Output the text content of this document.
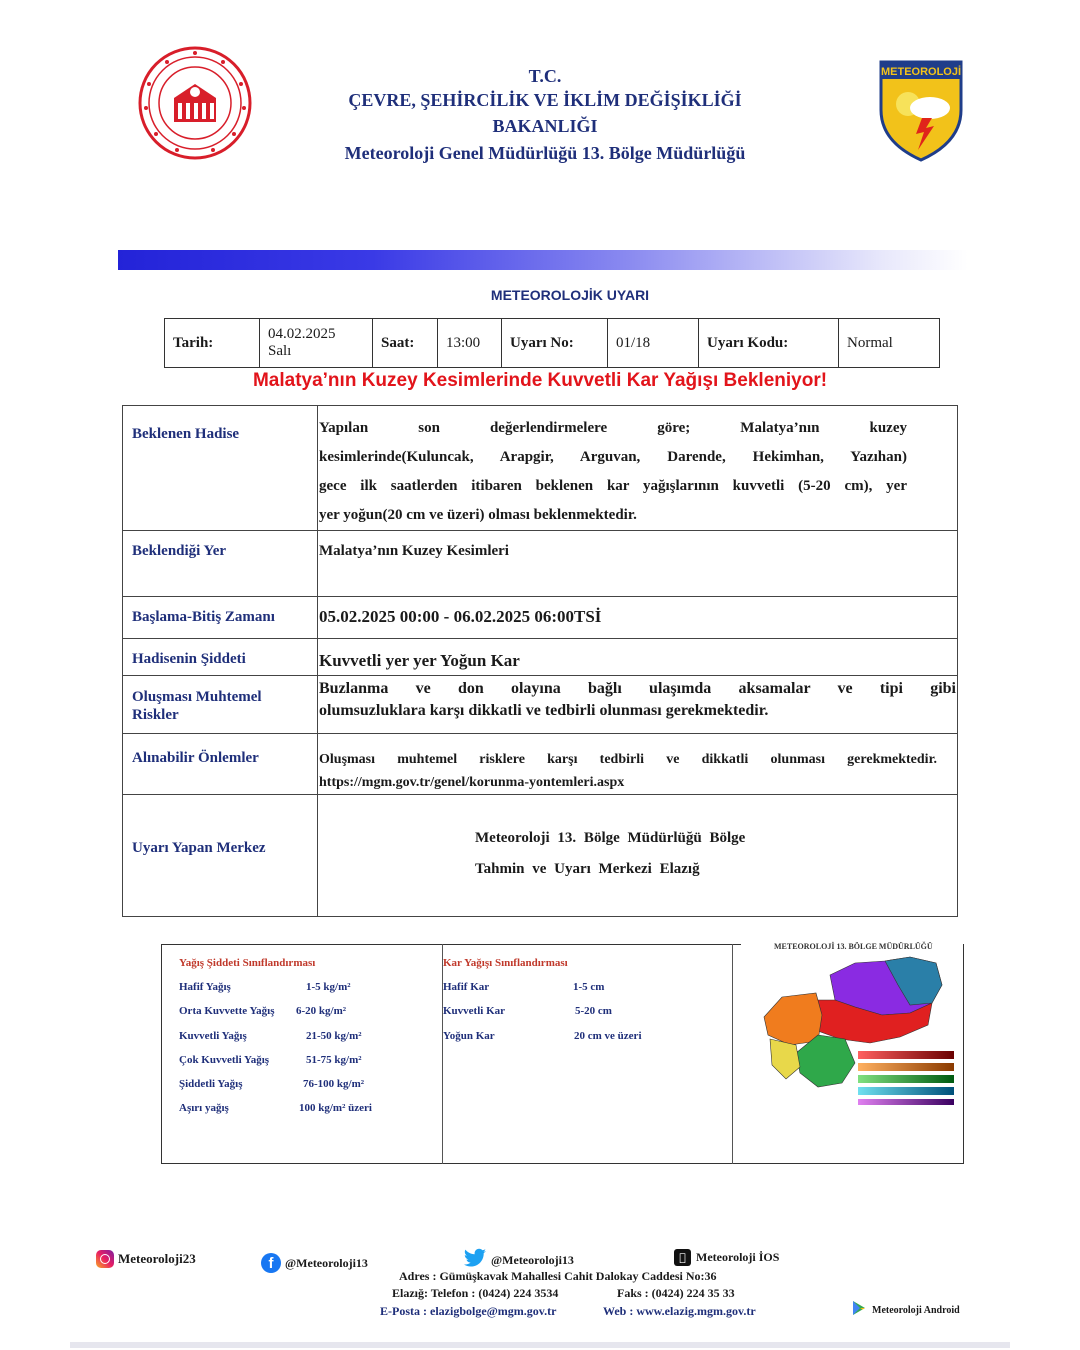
T.C.
ÇEVRE, ŞEHİRCİLİK VE İKLİM DEĞİŞİKLİĞİ
BAKANLIĞI
Meteoroloji Genel Müdürlüğü 13. Bölge Müdürlüğü
METEOROLOJİ
METEOROLOJİK UYARI
Tarih:
04.02.2025
Salı
Saat:	13:00	Uyarı No:	01/18	Uyarı Kodu:	Normal
Malatya’nın Kuzey Kesimlerinde Kuvvetli Kar Yağışı Bekleniyor!
Beklenen Hadise	Yapılan son değerlendirmelere göre; Malatya’nın kuzey
kesimlerinde(Kuluncak, Arapgir, Arguvan, Darende, Hekimhan, Yazıhan)
gece ilk saatlerden itibaren beklenen kar yağışlarının kuvvetli (5-20 cm), yer
yer yoğun(20 cm ve üzeri) olması beklenmektedir.

Beklendiği Yer	Malatya’nın Kuzey Kesimleri
Başlama-Bitiş Zamanı	05.02.2025 00:00 - 06.02.2025 06:00TSİ
Hadisenin Şiddeti	Kuvvetli yer yer Yoğun Kar
Oluşması Muhtemel Riskler	Buzlanma ve don olayına bağlı ulaşımda aksamalar ve tipi gibi
olumsuzluklara karşı dikkatli ve tedbirli olunması gerekmektedir.

Alınabilir Önlemler	Oluşması muhtemel risklere karşı tedbirli ve dikkatli olunması gerekmektedir.
https://mgm.gov.tr/genel/korunma-yontemleri.aspx

Uyarı Yapan Merkez	Meteoroloji 13. Bölge Müdürlüğü Bölge
Tahmin ve Uyarı Merkezi Elazığ
Yağış Şiddeti Sınıflandırması
Hafif Yağış	1-5 kg/m²
Orta Kuvvette Yağış 6-20 kg/m²
Kuvvetli Yağış	21-50 kg/m²
Çok Kuvvetli Yağış	51-75 kg/m²
Şiddetli Yağış	76-100 kg/m²
Aşırı yağış	100 kg/m² üzeri
Kar Yağışı Sınıflandırması
Hafif Kar	1-5 cm
Kuvvetli Kar	5-20 cm
Yoğun Kar	20 cm ve üzeri
METEOROLOJİ 13. BÖLGE MÜDÜRLÜĞÜ
Meteoroloji23	f @Meteoroloji13	@Meteoroloji13	Meteoroloji İOS
Adres : Gümüşkavak Mahallesi Cahit Dalokay Caddesi No:36
Elazığ: Telefon : (0424) 224 3534	Faks : (0424) 224 35 33
E-Posta : elazigbolge@mgm.gov.tr	Web : www.elazig.mgm.gov.tr	Meteoroloji Android
